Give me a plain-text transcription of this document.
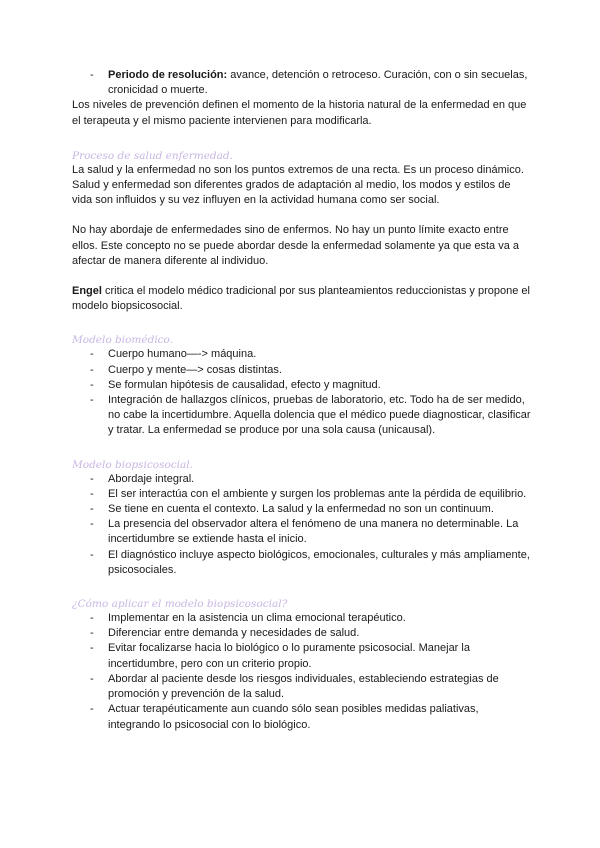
- Periodo de resolución: avance, detención o retroceso. Curación, con o sin secuelas, cronicidad o muerte.

Los niveles de prevención definen el momento de la historia natural de la enfermedad en que el terapeuta y el mismo paciente intervienen para modificarla.

Proceso de salud enfermedad.

La salud y la enfermedad no son los puntos extremos de una recta. Es un proceso dinámico.

Salud y enfermedad son diferentes grados de adaptación al medio, los modos y estilos de vida son influidos y su vez influyen en la actividad humana como ser social.

No hay abordaje de enfermedades sino de enfermos. No hay un punto límite exacto entre ellos. Este concepto no se puede abordar desde la enfermedad solamente ya que esta va a afectar de manera diferente al individuo.

Engel critica el modelo médico tradicional por sus planteamientos reduccionistas y propone el modelo biopsicosocial.

Modelo biomédico.
- Cuerpo humano—-> máquina.
- Cuerpo y mente—> cosas distintas.
- Se formulan hipótesis de causalidad, efecto y magnitud.
- Integración de hallazgos clínicos, pruebas de laboratorio, etc. Todo ha de ser medido, no cabe la incertidumbre. Aquella dolencia que el médico puede diagnosticar, clasificar y tratar. La enfermedad se produce por una sola causa (unicausal).
Modelo biopsicosocial.
- Abordaje integral.
- El ser interactúa con el ambiente y surgen los problemas ante la pérdida de equilibrio.
- Se tiene en cuenta el contexto. La salud y la enfermedad no son un continuum.
- La presencia del observador altera el fenómeno de una manera no determinable. La incertidumbre se extiende hasta el inicio.
- El diagnóstico incluye aspecto biológicos, emocionales, culturales y más ampliamente, psicosociales.
¿Cómo aplicar el modelo biopsicosocial?
- Implementar en la asistencia un clima emocional terapéutico.
- Diferenciar entre demanda y necesidades de salud.
- Evitar focalizarse hacia lo biológico o lo puramente psicosocial. Manejar la incertidumbre, pero con un criterio propio.
- Abordar al paciente desde los riesgos individuales, estableciendo estrategias de promoción y prevención de la salud.
- Actuar terapéuticamente aun cuando sólo sean posibles medidas paliativas, integrando lo psicosocial con lo biológico.
